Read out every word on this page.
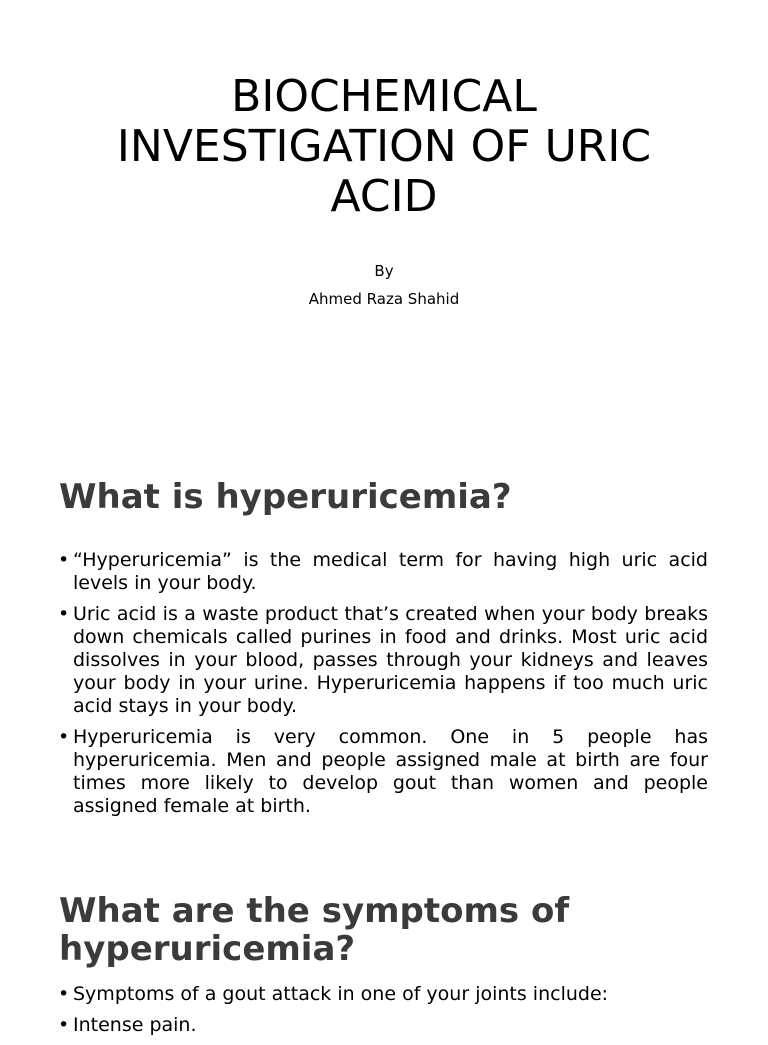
BIOCHEMICAL
INVESTIGATION OF URIC
ACID
By
Ahmed Raza Shahid
What is hyperuricemia?
• “Hyperuricemia” is the medical term for having high uric acid levels in your body.
• Uric acid is a waste product that’s created when your body breaks down chemicals called purines in food and drinks. Most uric acid dissolves in your blood, passes through your kidneys and leaves your body in your urine. Hyperuricemia happens if too much uric acid stays in your body.
• Hyperuricemia is very common. One in 5 people has hyperuricemia. Men and people assigned male at birth are four times more likely to develop gout than women and people assigned female at birth.
What are the symptoms of
hyperuricemia?
• Symptoms of a gout attack in one of your joints include:
• Intense pain.
